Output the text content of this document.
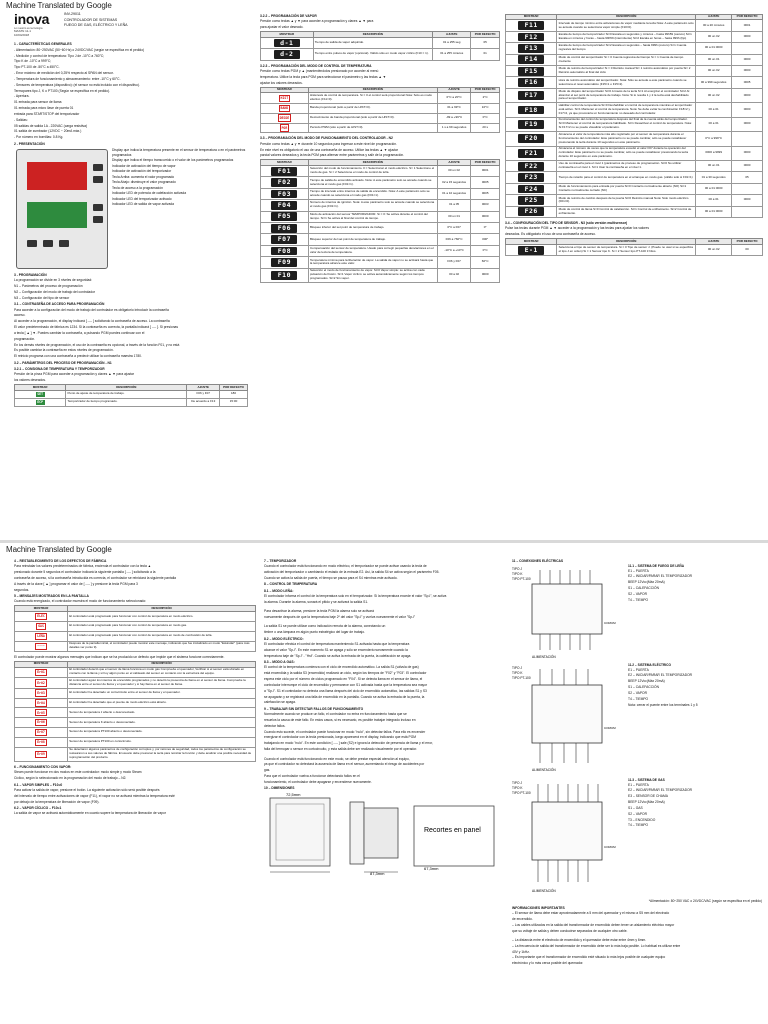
Machine Translated by Google
inova
Lo nuestro es tecnología
MAX/IN 11-1
10/04/2018
INV-29011
CONTROLADOR DE SISTEMAS
FUEGO DE GAS, ELÉCTRICO Y LEÑA
1 - CARACTERÍSTICAS GENERALES

- Alimentación: 80~250VAC (50~60 Hz) o 24VDC/VAC (según se especifica en el pedido)

- Medición y control de temperatura: Tipo J de -10°C a 760°C;

Tipo K de -10°C a 999°C;

Tipo PT-100 de -50°C a 450°C.

- Error máximo de medición del 0,25% respecto al SPAN del sensor.

- Temperatura de funcionamiento y almacenamiento: entre -10°C y 60°C.

- Sensores de temperatura (dispositivo): (el sensor no está incluido con el dispositivo).

Termopares tipo J, K o PT100 (Según se especifica en el pedido).

- Apertura.

01 entrada para sensor de llama

01 entrada para micro llave de puerta 01

entrada para START/STOP del temporizador

- Salidas:

05 salidas de salida 1A - 220VAC (carga resistiva)

01 salida de zumbador (12VDC ~ 20mA máx.)

- Por número en bornillas: 0.8 Kg.

2 - PRESENTACIÓN

Display que indica la temperatura presente en el sensor de temperatura o en el parámetros programados

Display que indica el tiempo transcurrido o el valor de los parámetros programados

Indicador de activación del tiempo de vapor

Indicador de activación del temporizador

Tecla Arriba: aumenta el valor programado

Tecla Abajo: disminuye el valor programado

Tecla de acceso a la programación

Indicador LED de potencia de calefacción activada

Indicador LED del temporizador activado

Indicador LED de salida de vapor activada

3 - PROGRAMACIÓN

La programación se divide en 3 niveles de seguridad:

N1 – Parámetros del proceso de programación

N2 – Configuración del modo de trabajo del controlador

N3 – Configuración del tipo de sensor

3.1 – CONTRASEÑA DE ACCESO PARA PROGRAMACIÓN

Para acceder a la configuración del modo de trabajo del controlador es obligatorio introducir la contraseña

acceso.

Al acceder a la programación, el display indicará [ ---- ] solicitando la contraseña de acceso. La contraseña

El valor predeterminado de fábrica es 1234. Si la contraseña es correcta, la pantalla indicará [ ---- ]. Si presionas

a tecla [ ▲ ] ▼. Puedes cambiar la contraseña, a pulsando PGM puedes continuar con el

programación.

En los demás niveles de programación, el uso de la contraseña es opcional, a través de la función F01, y no está

Es posible cambiar la contraseña en estos niveles de programación.

El reinicio programa con una contraseña a predecir utilizar la contraseña maestra 1780.

3.2 – PARÁMETROS DEL PROCESO DE PROGRAMACIÓN - N1
3.2.1 – CONSIGNA DE TEMPERATURA Y TEMPORIZADOR

Presión de la pinza PGM para acceder a programación y claves ▲ ▼ para ajustar

los valores deseados.

MOSTRAR	DESCRIPCIÓN	AJUSTE	POR DEFECTO
SET	Punto de ajuste de temperatura de trabajo.	F06 y F07	180
ECP	Temporizador de tiempo programado.	De acuerdo a F13	15:00
3.2.2 – PROGRAMACIÓN DE VAPOR

Presión como teclas ▲ y ▼ para acceder a programación y claves ▲ ▼ para

para ajustar el valor deseado.

MOSTRAR	DESCRIPCIÓN	AJUSTE	POR DEFECTO
d-1	Tiempo de salida de vapor adquirido.	01 a 255 seg	05
d-2	Tiempo entre pulsos de vapor (opcional). Válido sólo en modo vapor cíclico (F10 = 1).	01 a 255 minutos	01
3.2.3 – PROGRAMACIÓN DEL MODO DE CONTROL DE TEMPERATURA

Presión como teclas PGM y ▲ (manteniéndolos presionado por acceder al menú

temperatura. Utilice la tecla para PGM para seleccionar el parámetro y las teclas ▲ ▼

ajustar los valores deseados.

MOSTRAR	DESCRIPCIÓN	AJUSTE	POR DEFECTO
HIST	Histéresis de control de temperatura. Si = 0 el control será proporcional Nota: Solo es modo efectivo (F11=0).	0°C a 20°C	2°C
BAND	Banda proporcional (sólo a partir de HIST=0).	01 a 99°C	10°C
DESDE	Decrecimiento de banda proporcional (sólo a partir de HIST=0).	-99 a +99°C	0°C
POR	Período PWM (sólo a partir de HIST=0).	1 s a 99 segundos	20 s
3.3 – PROGRAMACIÓN DEL MODO DE FUNCIONAMIENTO DEL CONTROLADOR - N2

Presión como teclas ▲ y ▼ durante 10 segundos para ingresar a este nivel de programación.

En este nivel es obligatorio el uso de una contraseña de acceso. Utilice las teclas ▲ ▼ ajustar

parcial valores deseados y la tecla PGM para alternar entre parámetros y salir de la programación.

MOSTRAR	DESCRIPCIÓN	AJUSTE	POR DEFECTO
F01	Selección del modo de funcionamiento. 0 = Seleccionar el modo eléctrico. S= 1 Seleccione el modo de gas. Si = 2 Seleccione el modo de control de leña.	00 un 02	0001
F02	Tiempo de salida de encendido activado. Nota: A este parámetro solo se accede cuando se selecciona el modo gas (F01=1).	02 a 15 segundos	0005
F03	Tiempo de intervalo entre intentos de salida de encendido. Nota: A este parámetro solo se accede cuando se selecciona el modo gas (F01=1).	01 a 10 segundos	0005
F04	Número de intentos de ignición. Nota: A este parámetro solo se accede cuando se selecciona el modo gas (F01=1).	01 a 05	0003
F05	Modo de activación del sensor TEMPORIZADOR. Si = 0: Se activa durante el control del tiempo. Si=1 Se activa al final del control de tiempo.	00 un 01	0000
F06	Bloqueo inferior del set point de temperatura de trabajo.	0°C a F07	0°
F07	Bloqueo superior del set point de temperatura de trabajo.	F06 a 760°C	300°
F08	Compensación del sensor de temperatura. Usado para corregir pequeñas desviaciones en el valor de lectura de temperatura.	-10°C a +10°C	0°C
F09	Temperatura mínima para la liberación de vapor. La salida de vapor no se activará hasta que la temperatura alcance este valor.	F06 y F07	60°C
F10	Selección el modo de funcionamiento de vapor. Si=0 Vapor simple: se activa con cada pulsación del botón. Si=1 Vapor cíclico: se activa automáticamente según los tiempos programados. Si=2 Sin vapor.	00 a 02	0000
MOSTRAR	DESCRIPCIÓN	AJUSTE	POR DEFECTO
F11	Intervalo de tiempo mínimo entre activaciones de vapor mediante la tecla Nota: A este parámetro solo se accede cuando se selecciona vapor simple (F10=0).	00 a 20 minutos	0001
F12	Escala de tiempo del temporizador Si=0 Escala en segundos y minutos – hasta 99h59 (oscuro) Si=1 Escala en minutos y horas – hasta 99h59 (intermitente) Si=2 Escala en horas – hasta 999h (fijo)	00 un 02	0000
F13	Escala de tiempo del temporizador Si=2 Escala en segundos – hasta 999h (oscuro) S=1 Cuenta regresiva del tiempo	00 a 01 0000	
F14	Modo de control del temporizador Si = 0 Cuenta regresiva del tiempo Si = 1 Cuenta de tiempo creciente	00 un 01	0000
F15	Modo de reinicio del temporizador Si = 0 Reinicio manual Si= 1 reinicio automático por puerta Si= 2 Reinicio automático al final del ciclo	00 un 02	0000
F16	Hora de reinicio automático del temporizador. Nota: Sólo se accede a este parámetro cuando se selecciona el reset automático (F15=1 o F15=2).	00 a 999 segundos	0005
F17	Modo de disparo del temporizador Si=0 A través de la tecla S=1 Al energizar el controlador Si=2 Al alcanzar el set point de temperatura de trabajo. Nota: Si lo resulta 1 y 2 la tecla está deshabilitado para el temporizador.	00 un 02	0000
F18	Habilitar control de temperatura Si=0 Deshabilitar el control de temperatura mientras el temporizador está activo. Si=1 Mantener el control de temperatura. Nota: Se debe evitar la combinación F18=2 y F17=2, ya que provocaría un funcionamiento no deseado del controlador.	00 a 01	0000
F19	Funcionamiento del control de temperatura después del final de la cuenta atrás del temporizador. Si=0 Mantener el control de temperatura habilitado. Si=1 Desactivar el control de temperatura. Nota: Si F17=2 no se puede visualizar el parámetro.	00 a 01	0000
F20	Almacena el valor de temperatura más alto registrado por el sensor de temperatura durante el funcionamiento del controlador. Este parámetro no se puede cambiar, sólo se puede restablecer presionando la tecla durante 10 segundos en este parámetro.	0°C a 999°C	
F21	Almacena el número de veces que la temperatura excedió el valor F07 durante la operación del controlador. Este parámetro no se puede cambiar, sólo se puede restablecer presionando la tecla durante 10 segundos en este parámetro.	0000 a 9999	0000
F22	Uso de contraseña para el nivel 1 (parámetros de proceso de programación. Si=0 No utilizar contraseña en el nivel 1. Si=1 Usar la contraseña en el nivel 1.	00 un 01	0000
F23	Tiempo de retardo para el control de temperatura en el arranque en modo gas. (válido sólo si F01=1)	01 a 30 segundos	05
F24	Modo de funcionamiento para entrada por puerta Si=0 Contacto normalmente abierto (NO) Si=1 Contacto normalmente cerrado (NC)	00 a 01 0000	
F25	Modo de reinicio de cambio después de la puerta Si=0 Reinicio manual Nota: Sólo modo eléctrico (F01=0).	00 a 01	0000
F26	Modo de control de llama S=0 Control de calefacción. Si=1 Control de enfriamiento. Si=2 Control de enfriamiento.	00 a 01 0000	
3.4 – CONFIGURACIÓN DEL TIPO DE SENSOR - N3 (sólo versión multisensor)

Pulse las teclas durante PGM ▲ ▼ acceder a la programación y las teclas para ajustar los valores

deseados. Es obligatorio el uso de una contraseña de acceso.

MOSTRAR	DESCRIPCIÓN	AJUSTE	POR DEFECTO
E-1	Selecciona el tipo de sensor de temperatura. Si = 0 Tipo de sensor J. (Puede no usar si se especifica el tipo J en orden) Si = 1 Sensor tipo K. Si = 2 Sensor tipo PT-100 3 hilos.	00 un 02	00
Machine Translated by Google
4 – RESTABLECIMIENTO DE LOS DEFECTOS DE FÁBRICA

Para reinstalar los valores predeterminados de fábrica, encienda el controlador con la tecla ▲

presionado durante 5 segundos el controlador indicará la siguiente pantalla [ ---- ] solicitando a la

contraseña de acceso, si la contraseña introducida es correcta, el controlador se reiniciará la siguiente pantalla

A través de la clave [ ▲ ] programar el valor de [ ---- ] y presione la tecla PGM para 3

segundos.

5 – MENSAJES MOSTRADOS EN LA PANTALLA

Cuando está energizado, el controlador muestra el modo de funcionamiento seleccionado:

MOSTRAR	DESCRIPCIÓN
ELEC	El controlador está programado para funcionar con control de temperatura en modo eléctrico.
GAS	El controlador está programado para funcionar con control de temperatura en modo gas.
LEÑA	El controlador está programado para funcionar con control de temperatura en modo de combustión de leña.
----	Después de la pantalla inicial, el controlador puede mostrar este mensaje, indicando que fue inicializado en modo "Estándar" (para más detalles ver punto 9).

El controlador puede mostrar algunos mensajes que indican que se ha producido un defecto que impide que el sistema funcione correctamente.

MOSTRAR	DESCRIPCIÓN
Er01	El controlador detectó que el sensor de llama funciona en modo gas Compruebe el quemador, Verificar si el sensor está ubicado en contacto con la llama y si hoy algún punto en el cableado del sensor en contacto con la estructura del equipo.
Er02	El controlador agotó los intentos de encendido programados y no detectó la presencia de llama en el sensor de llama. Compruebe la distancia entre el sensor de llama y el quemador y si hay llama en el sensor de llama.
Er03	El controlador ha detectado un cortocircuito entre el sensor de llama y el quemador.
Er04	El controlador ha detectado que el puente de modo eléctrico está abierto.
Er05	Sensor de temperatura J abierto o desconectado.
Er06	Sensor de temperatura K abierto o desconectado.
Er07	Sensor de temperatura PT100 abierto o desconectado.
Er08	Sensor de temperatura PT100 en cortocircuito.
Er09	Se detectaron algunos parámetros de configuración corruptos y, por razones de seguridad, todos los parámetros de configuración se restauraron a sus valores de fábrica. El usuario debe presionar la tecla para reiniciar la función y debe analizar una posible necesidad de reprogramación del producto.
6 – FUNCIONAMIENTO CON VAPOR:

Steam puede funcionar en dos modos en este controlador: modo simple y modo Steam

Cíclico, según lo seleccionado en la programación del modo de trabajo – N2.

6.1 – VAPOR SIMPLES – F10=0

Para activar la salida de vapor, presione el botón. La siguiente activación sólo será posible después

del intervalo de tiempo entre activaciones de vapor (F11), el vapor no se activará mientras la temperatura esté

por debajo de la temperatura de liberación de vapor (F09).

6.2 – VAPOR CÍCLICO – F10=1

La salida de vapor se activará automáticamente en cuanto supere la temperatura de liberación de vapor

7 – TEMPORIZADOR

Cuando el controlador está funcionando en modo eléctrico, el temporizador se puede activar usando la tecla de

activación del temporizador o cambiando el estado de la entrada E2. Así, la salida S4 se activa según el parámetro F05.

Cuando se activa la salida de puerta, el tiempo se pausa para el S4 mientras este activado.

8 – CONTROL DE TEMPERATURA
8.1 – MODO LEÑA:

El controlador informa el control de la temperatura solo en el temporizador. Si la temperatura excede el valor "Sp-l", se activa

la alarma. Durante la alarma, sonará el pitido y se activará la salida S1.

Para desactivar la alarma, presione la tecla PGM la alarma solo se activará

nuevamente después de que la temperatura baje 2º del valor "Sp-l" y vuelva nuevamente el valor "Sp-l"

La salida S1 se puede utilizar como indicación remota de la alarma, conectando un

timbre o una lámpara en algún punto estratégico del lugar de trabajo.

8.2 – MODO ELÉCTRICO:

El controlador efectúa el control de temperatura manteniendo S1 activada hasta que la temperatura

alcance el valor "Sp-l". En este momento S1 se apaga y sólo se encenderá nuevamente cuando la

temperatura baje de "Sp-l" - "Hst". Cuando se activa la entrada de la puerta, la calefacción se apaga.

8.3 – MODO A GAS:

El control de la temperatura comienza con el ciclo de encendido automático. La salida S1 (válvula de gas)

está encendida y la salida S3 (encendido) realizará un ciclo, según los tiempos de "F02" y "F03". El controlador

espera este ciclo por el número de ciclos programado en "F04". Si se detecta llama en el sensor de llama, el

controlador interrumpe el ciclo de encendido y permanece con S1 activada hasta que la temperatura sea mayor

a "Sp-l". S1 el controlador no detecta una llama después del ciclo de encendido automático, las salidas S1 y S3

se apagarán y se registrará una falla de encendido en la pantalla. Cuando se activa la entrada de la puerta, la

calefacción se apaga.

9 – TRABAJAR SIN DETECTAR FALLOS DE FUNCIONAMIENTO

Normalmente cuando se produce un fallo, el controlador no entra en funcionamiento hasta que se

resuelva la causa de este fallo. En estos casos, si es necesario, es posible trabajar integrado incluso en

detectar fallos.

Cuando esto sucede, el controlador puede funcionar en modo "nulo", sin detectar fallos. Para ello es encender

energizar el controlador con la tecla presionada, luego aparecerá en el display, indicando que está PGM

trabajando en modo "nulo". En este condición [ ---- ] sale (S2) e ignora la detección de presencia de llama y el error,

falla del termopar o sensor en cortocircuito, y esta salida debe ser realizado visualmente por el operador.

Cuando el controlador está funcionando en este modo, se debe prestar especial atención al equipo,

ya que el controlador no detectará la ausencia de llama en el sensor, aumentando el riesgo de accidentes por

gas.

Para que el controlador vuelva a funcionar detectando fallos en el

funcionamiento, el controlador debe apagarse y encenderse nuevamente.

10 – DIMENSIONES
72,5mm
87,3mm
Recortes en panel
67,3mm
11 – CONEXIONES ELÉCTRICAS
TIPO J
TIPO K
TIPO PT-100
ALIMENTACIÓN
COMUM
11.1 – SISTEMA DE FUEGO DE LEÑA

E1 – PUERTA

E2 – INICIAR/PARAR EL TEMPORIZADOR

BEEP 12Vcc(Máx 20mA)

S1 – CALEFACCIÓN

S2 – VAPOR

T4 – TIEMPO

TIPO J
TIPO K
TIPO PT-100
ALIMENTACIÓN
COMUM
11.2 – SISTEMA ELÉCTRICO

E1 – PUERTA

E2 – INICIAR/PARAR EL TEMPORIZADOR

BEEP 12Vcc(Máx 20mA)

S1 – CALEFACCIÓN

S2 – VAPOR

T4 – TIEMPO

Nota: cerrar el puente entre los terminales 1 y 5

TIPO J
TIPO K
TIPO PT-100
ALIMENTACIÓN
COMUM
11.3 – SISTEMA DE GAS

E1 – PUERTA

E2 – INICIAR/PARAR EL TEMPORIZADOR

E3 – SENSOR DE CHAMA

BEEP 12Vcc(Máx 20mA)

S1 – GAS

S2 – VAPOR

T3 – ENCENDIDO

T4 – TIEMPO

*Alimentación: 80~250 VAC o 24VDC/VAC (según se especifica en el pedido)

INFORMACIONES IMPORTANTES

– El sensor de llama debe estar aproximadamente a 5 mm del quemador y el mismo a S5 mm del electrodo

de encendido.

– Los cables utilizados en la salida del transformador de encendido deben tener un aislamiento eléctrico mayor

que su voltaje de salida y deben conducirse separados de cualquier otro cable.

– La distancia entre el electrodo de encendido y el quemador debe estar entre 4mm y 6mm.

– La frecuencia de salida del transformador de encendido debe ser lo más baja posible. Lo habitual es utilizar entre

40V y 1kHz.

– Es importante que el transformador de encendido esté situado lo más lejos posible de cualquier equipo

electrónico y lo más cerca posible del quemador.
